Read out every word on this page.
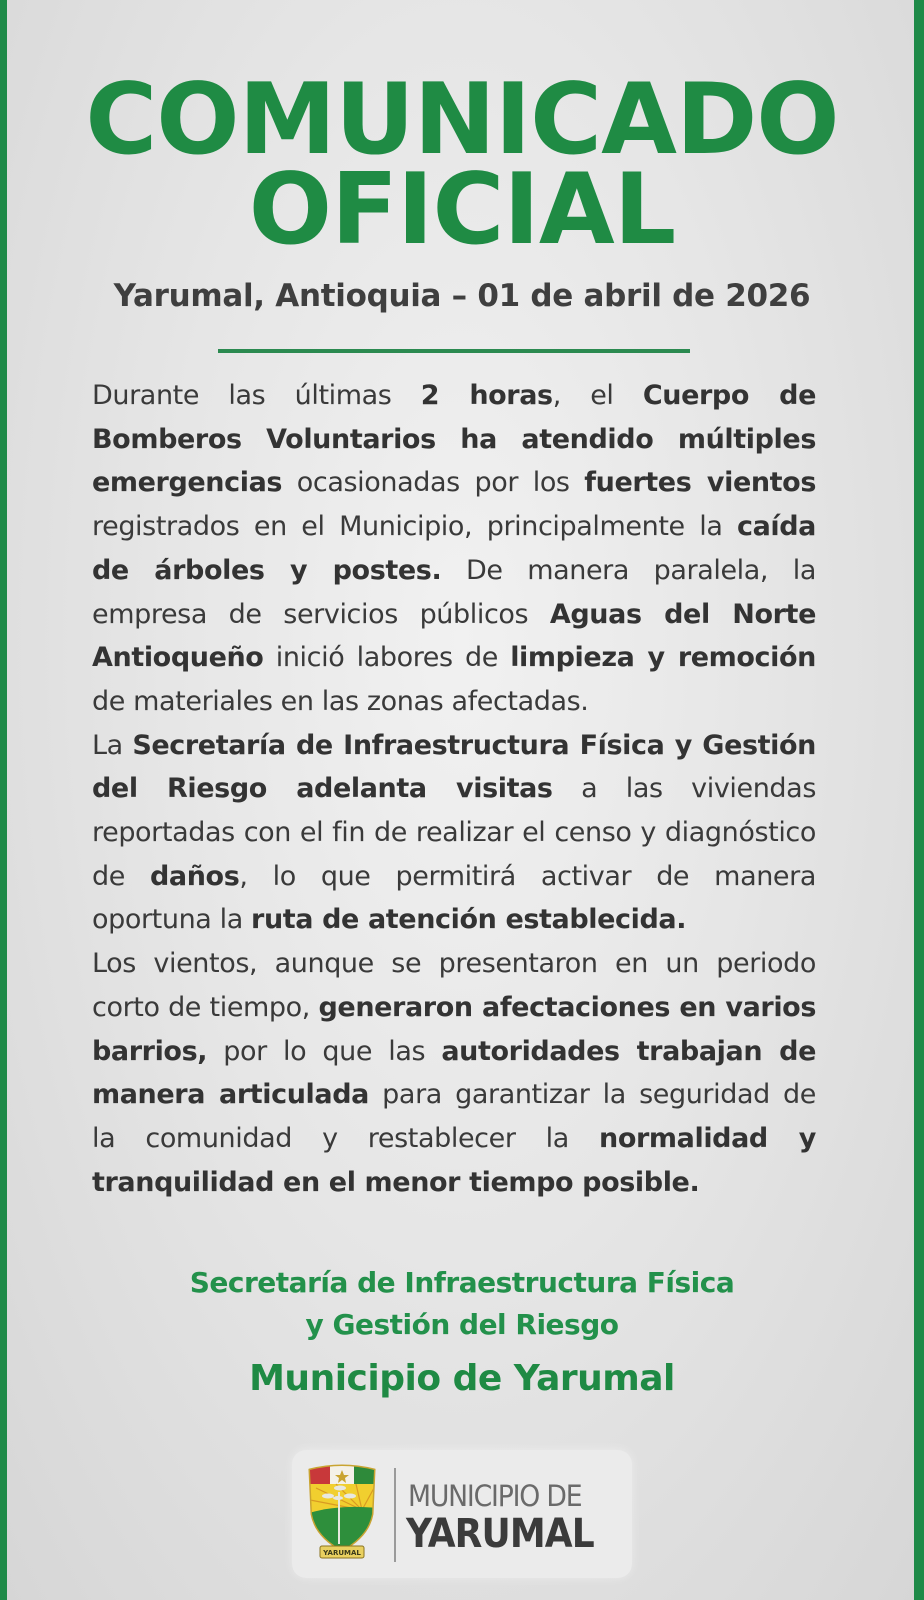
COMUNICADO
OFICIAL
Yarumal, Antioquia – 01 de abril de 2026

Durante las últimas 2 horas, el Cuerpo de Bomberos Voluntarios ha atendido múltiples emergencias ocasionadas por los fuertes vientos registrados en el Municipio, principalmente la caída de árboles y postes. De manera paralela, la empresa de servicios públicos Aguas del Norte Antioqueño inició labores de limpieza y remoción de materiales en las zonas afectadas.

La Secretaría de Infraestructura Física y Gestión del Riesgo adelanta visitas a las viviendas reportadas con el fin de realizar el censo y diagnóstico de daños, lo que permitirá activar de manera oportuna la ruta de atención establecida.

Los vientos, aunque se presentaron en un periodo corto de tiempo, generaron afectaciones en varios barrios, por lo que las autoridades trabajan de manera articulada para garantizar la seguridad de la comunidad y restablecer la normalidad y tranquilidad en el menor tiempo posible.

Secretaría de Infraestructura Física
y Gestión del Riesgo
Municipio de Yarumal
YARUMAL
MUNICIPIO DE
YARUMAL
